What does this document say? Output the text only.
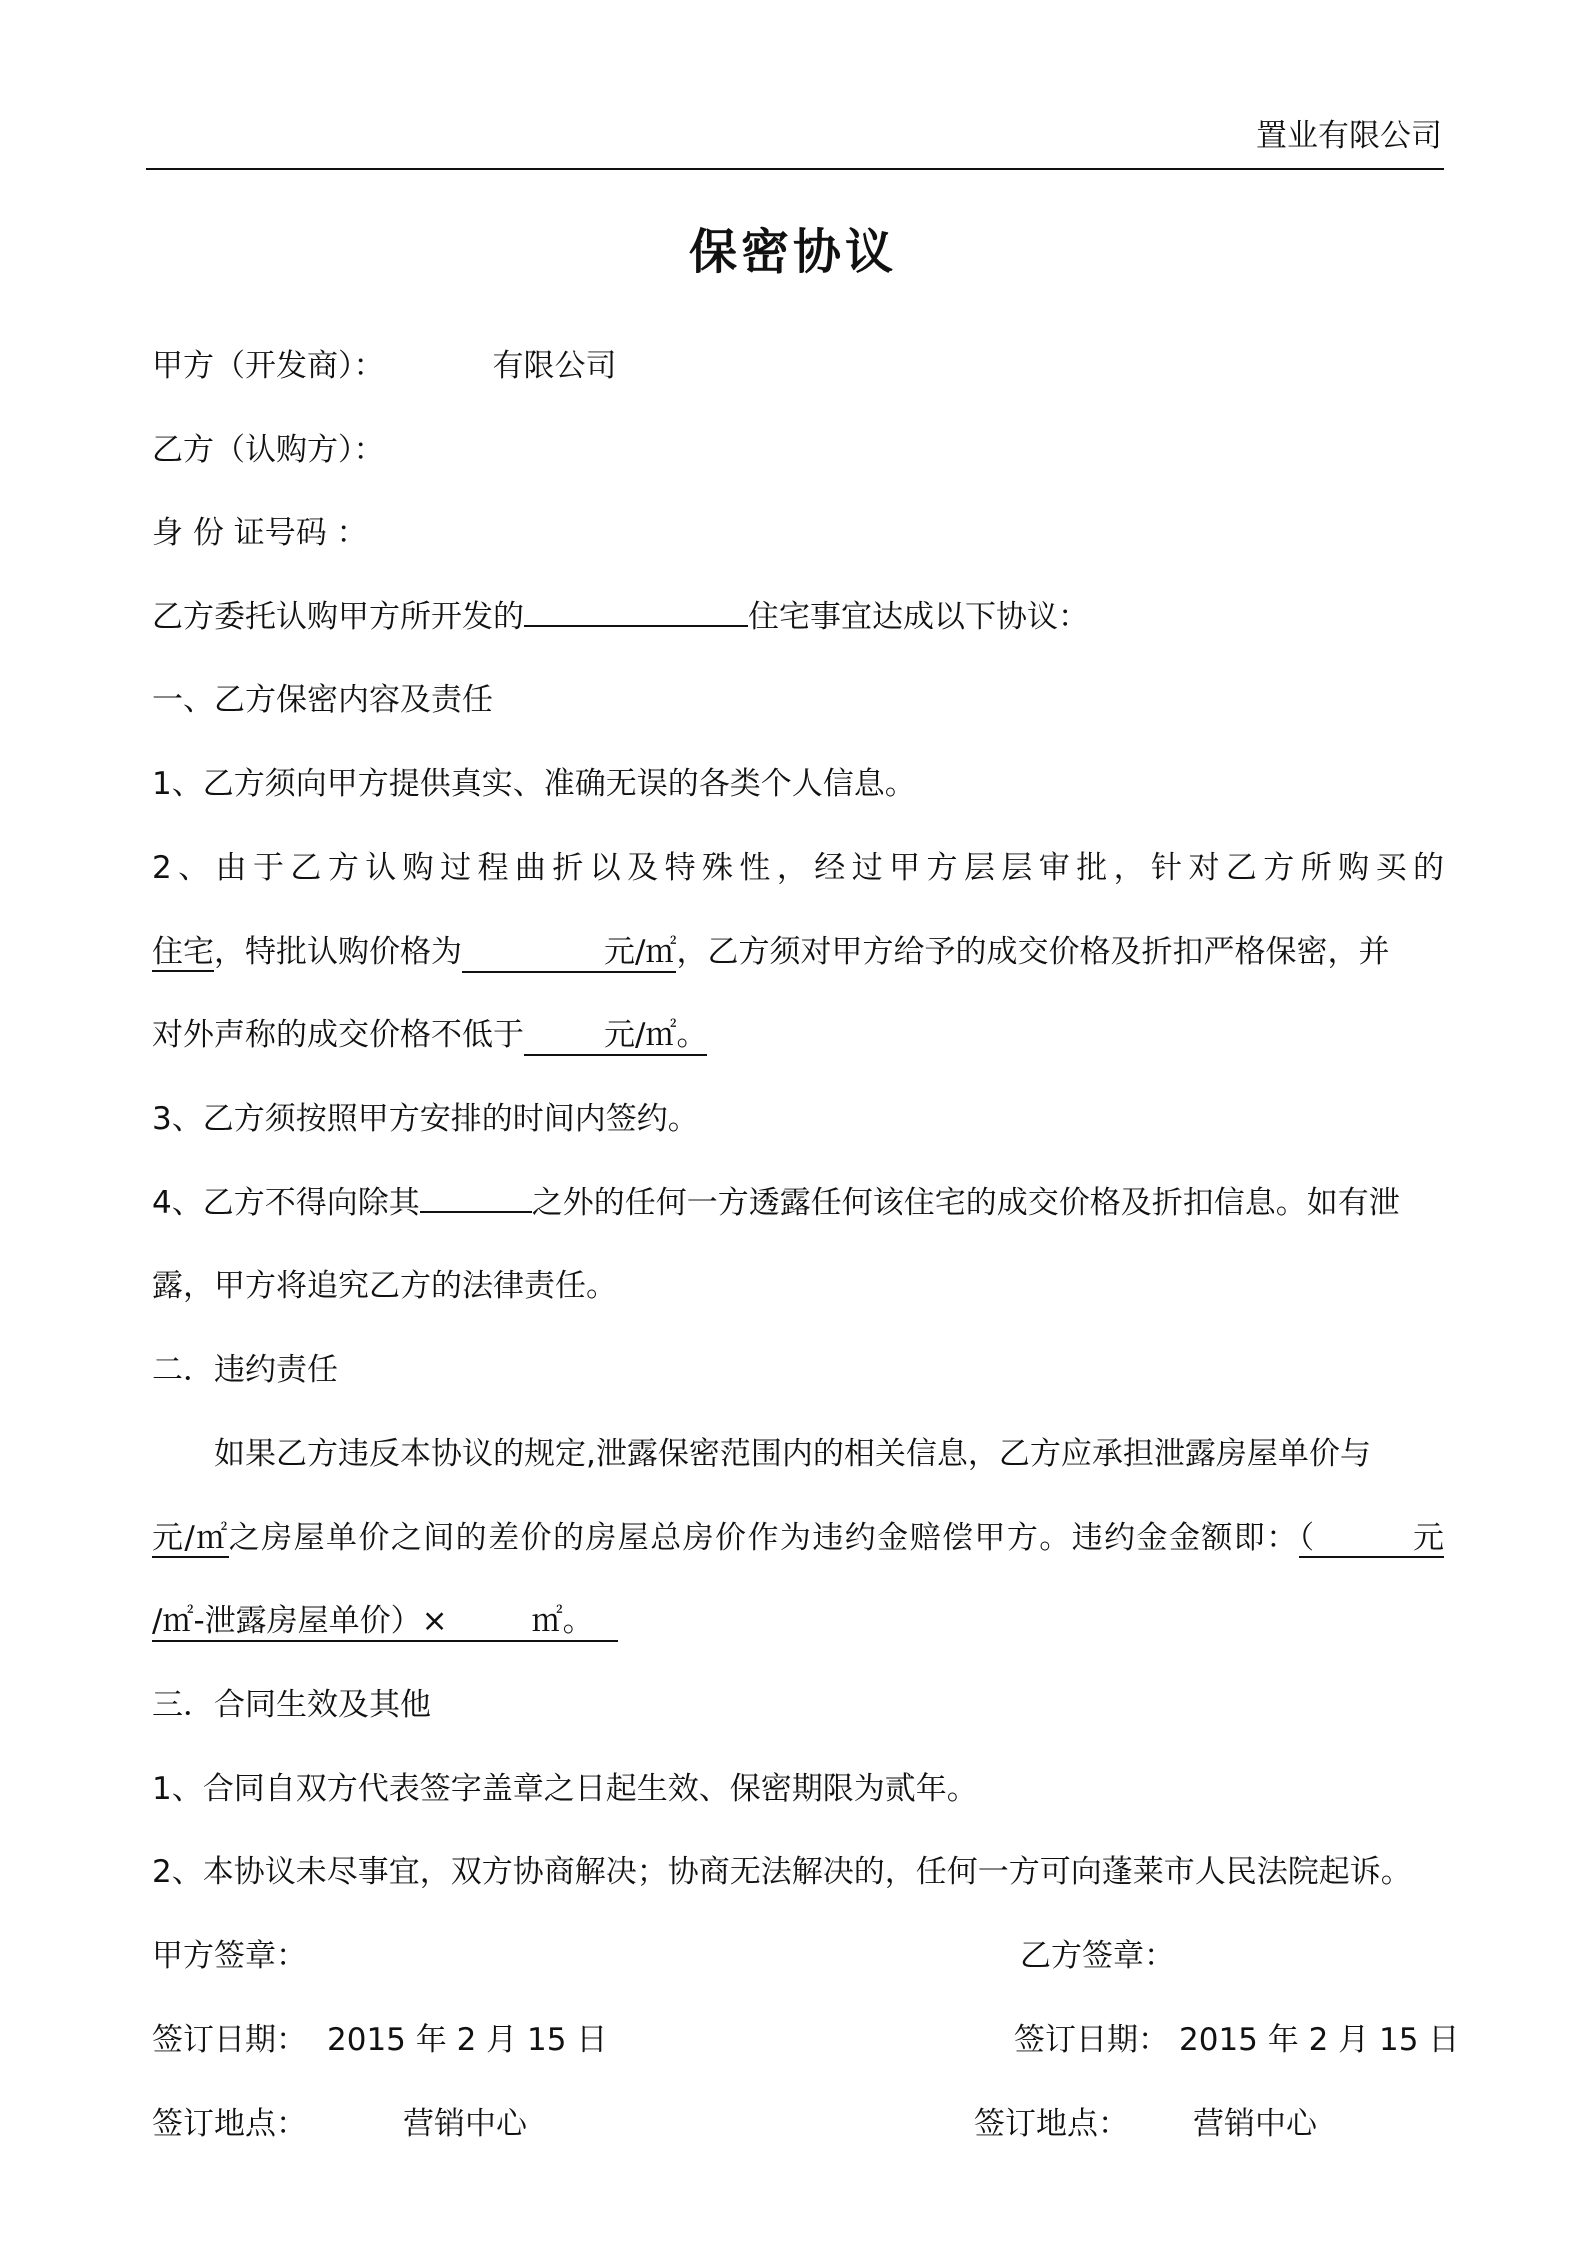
置业有限公司
保密协议
甲方（开发商）：	有限公司
乙方（认购方）：
身 份 证号码 ：
乙方委托认购甲方所开发的	住宅事宜达成以下协议：
一、乙方保密内容及责任
1、乙方须向甲方提供真实、准确无误的各类个人信息。
2、由于乙方认购过程曲折以及特殊性，经过甲方层层审批，针对乙方所购买的
住宅，特批认购价格为	元/㎡，乙方须对甲方给予的成交价格及折扣严格保密，并
对外声称的成交价格不低于	元/㎡。
3、乙方须按照甲方安排的时间内签约。
4、乙方不得向除其	之外的任何一方透露任何该住宅的成交价格及折扣信息。如有泄
露，甲方将追究乙方的法律责任。
二．违约责任
如果乙方违反本协议的规定,泄露保密范围内的相关信息，乙方应承担泄露房屋单价与
元/㎡之房屋单价之间的差价的房屋总房价作为违约金赔偿甲方。违约金金额即：（	元
/㎡-泄露房屋单价）×	㎡。
三．合同生效及其他
1、合同自双方代表签字盖章之日起生效、保密期限为贰年。
2、本协议未尽事宜，双方协商解决；协商无法解决的，任何一方可向蓬莱市人民法院起诉。
甲方签章：	乙方签章：
签订日期： 2015 年 2 月 15 日	签订日期： 2015 年 2 月 15 日
签订地点：	营销中心	签订地点： 营销中心
